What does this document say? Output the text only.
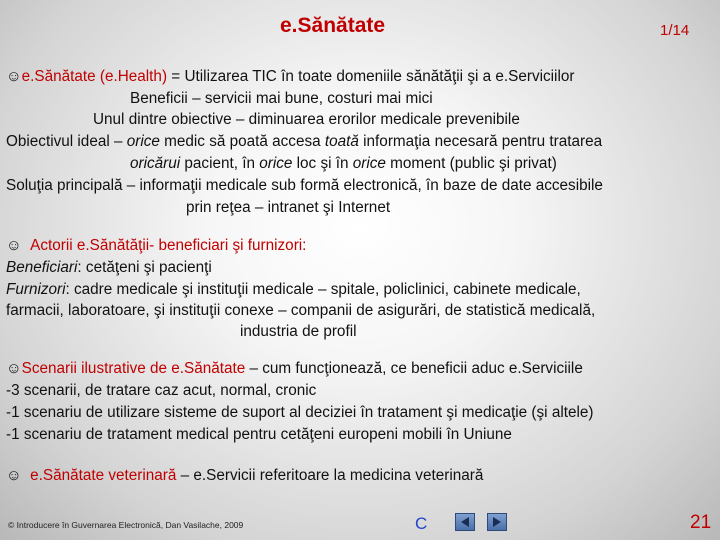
e.Sănătate	1/14
☺e.Sănătate (e.Health) = Utilizarea TIC în toate domeniile sănătăţii şi a e.Serviciilor
Beneficii – servicii mai bune, costuri mai mici
Unul dintre obiective – diminuarea erorilor medicale prevenibile
Obiectivul ideal – orice medic să poată accesa toată informaţia necesară pentru tratarea
oricărui pacient, în orice loc şi în orice moment (public şi privat)
Soluţia principală – informaţii medicale sub formă electronică, în baze de date accesibile
prin reţea – intranet şi Internet
☺ Actorii e.Sănătăţii- beneficiari şi furnizori:
Beneficiari: cetăţeni şi pacienţi
Furnizori: cadre medicale şi instituţii medicale – spitale, policlinici, cabinete medicale,
farmacii, laboratoare, şi instituţii conexe – companii de asigurări, de statistică medicală,
industria de profil
☺Scenarii ilustrative de e.Sănătate – cum funcţionează, ce beneficii aduc e.Serviciile
-3 scenarii, de tratare caz acut, normal, cronic
-1 scenariu de utilizare sisteme de suport al deciziei în tratament şi medicaţie (şi altele)
-1 scenariu de tratament medical pentru cetăţeni europeni mobili în Uniune
☺ e.Sănătate veterinară – e.Servicii referitoare la medicina veterinară
© Introducere în Guvernarea Electronică, Dan Vasilache, 2009	C	21
